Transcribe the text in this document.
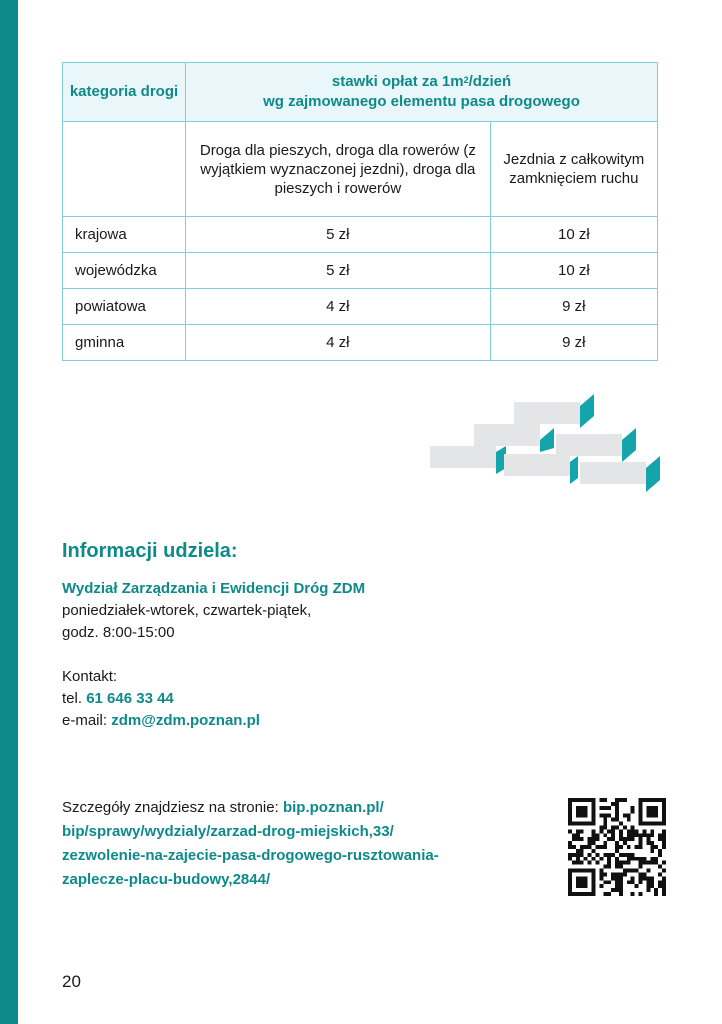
kategoria drogi	stawki opłat za $1m^2$/dzień
wg zajmowanego elementu pasa drogowego	
	Droga dla pieszych, droga dla rowerów (z wyjątkiem wyznaczonej jezdni), droga dla pieszych i rowerów	Jezdnia z całkowitym zamknięciem ruchu
krajowa	5 zł	10 zł
wojewódzka	5 zł	10 zł
powiatowa	4 zł	9 zł
gminna	4 zł	9 zł
Informacji udziela:
Wydział Zarządzania i Ewidencji Dróg ZDM
poniedziałek-wtorek, czwartek-piątek,
godz. 8:00-15:00
Kontakt:
tel. 61 646 33 44
e-mail: zdm@zdm.poznan.pl
Szczegóły znajdziesz na stronie: bip.poznan.pl/
bip/sprawy/wydzialy/zarzad-drog-miejskich,33/
zezwolenie-na-zajecie-pasa-drogowego-rusztowania-
zaplecze-placu-budowy,2844/
20
